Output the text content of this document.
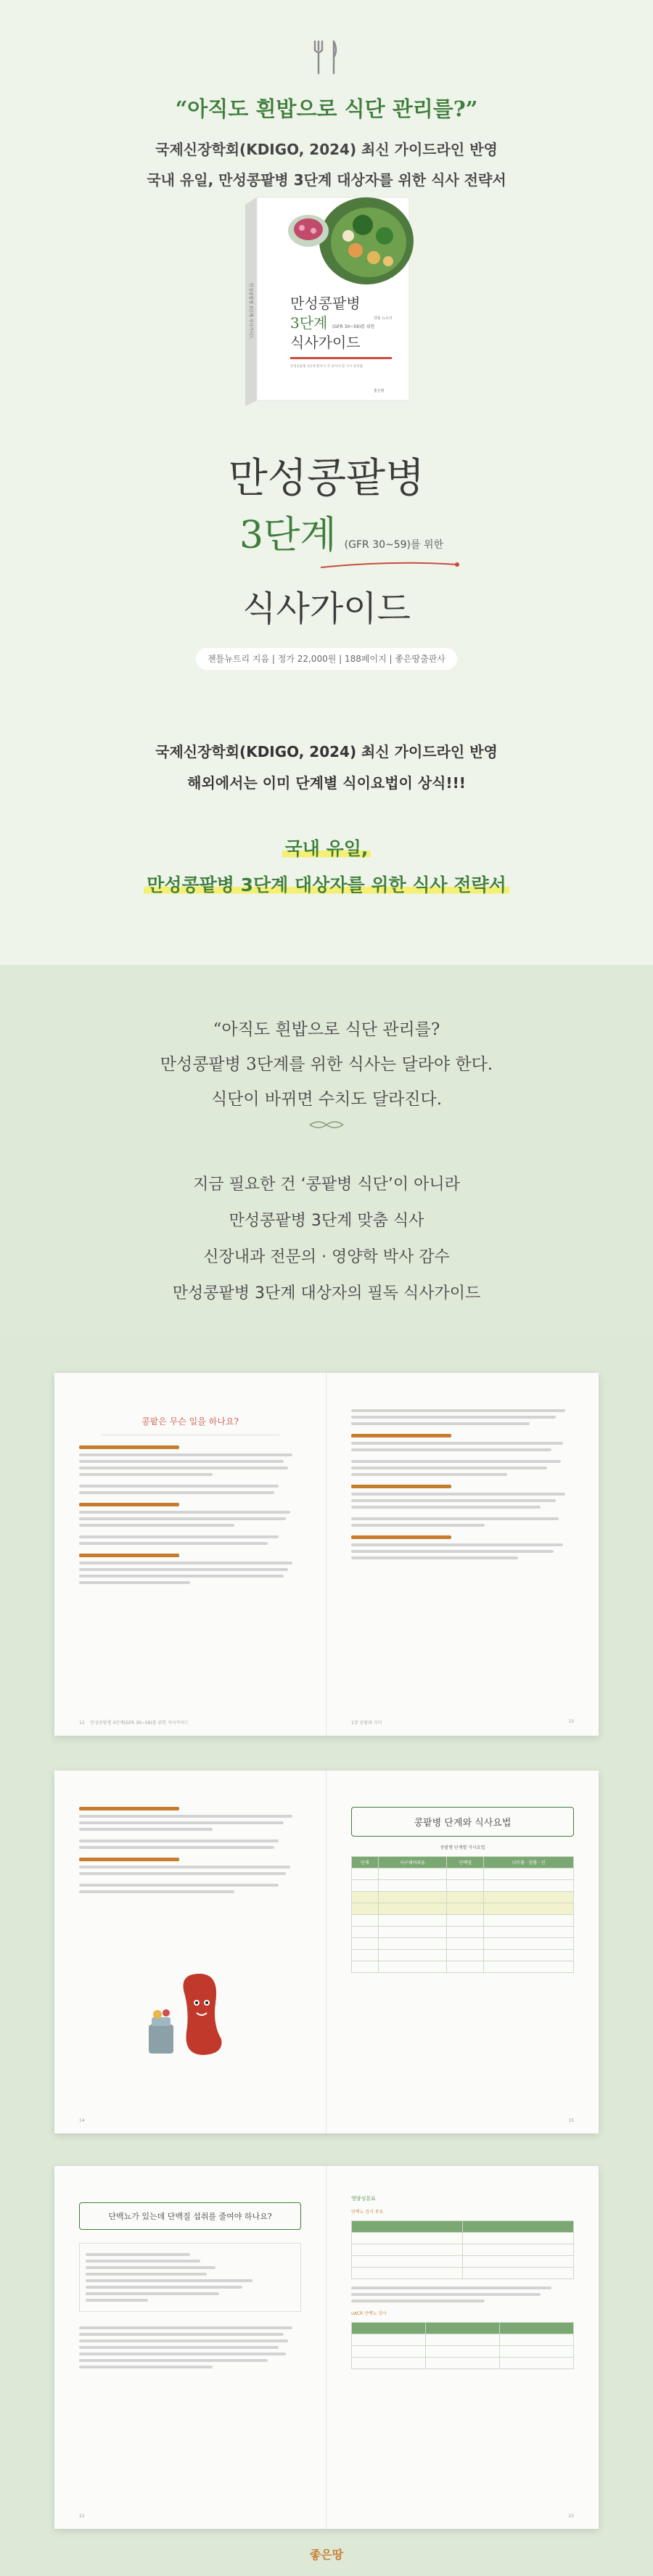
“아직도 흰밥으로 식단 관리를?”
국제신장학회(KDIGO, 2024) 최신 가이드라인 반영
국내 유일, 만성콩팥병 3단계 대상자를 위한 식사 전략서
만성콩팥병
3단계 (GFR 30~59)를 위한
식사가이드
젠틀 뉴트리
만성콩팥병 3단계 환자가 꼭 알아야 할 식사 관리법
좋은땅
만성콩팥병 3단계 식사가이드
만성콩팥병
3단계 (GFR 30~59)를 위한
식사가이드
젠틀뉴트리 지음 | 정가 22,000원 | 188페이지 | 좋은땅출판사
국제신장학회(KDIGO, 2024) 최신 가이드라인 반영
해외에서는 이미 단계별 식이요법이 상식!!!
국내 유일,
만성콩팥병 3단계 대상자를 위한 식사 전략서
“아직도 흰밥으로 식단 관리를?
만성콩팥병 3단계를 위한 식사는 달라야 한다.
식단이 바뀌면 수치도 달라진다.
지금 필요한 건 ‘콩팥병 식단’이 아니라
만성콩팥병 3단계 맞춤 식사
신장내과 전문의 · 영양학 박사 감수
만성콩팥병 3단계 대상자의 필독 식사가이드
콩팥은 무슨 일을 하나요?
12 만성콩팥병 3단계(GFR 30~59)를 위한 식사가이드	1장 콩팥과 식이	13
14
콩팥병 단계와 식사요법
콩팥병 단계별 식사요법
단계	사구체여과율	단백질	나트륨 · 칼륨 · 인

15
단백뇨가 있는데 단백질 섭취를 줄여야 하나요?
22
영양성분표
단백뇨 검사 종류

uACR 단백뇨 검사

23
좋은땅
